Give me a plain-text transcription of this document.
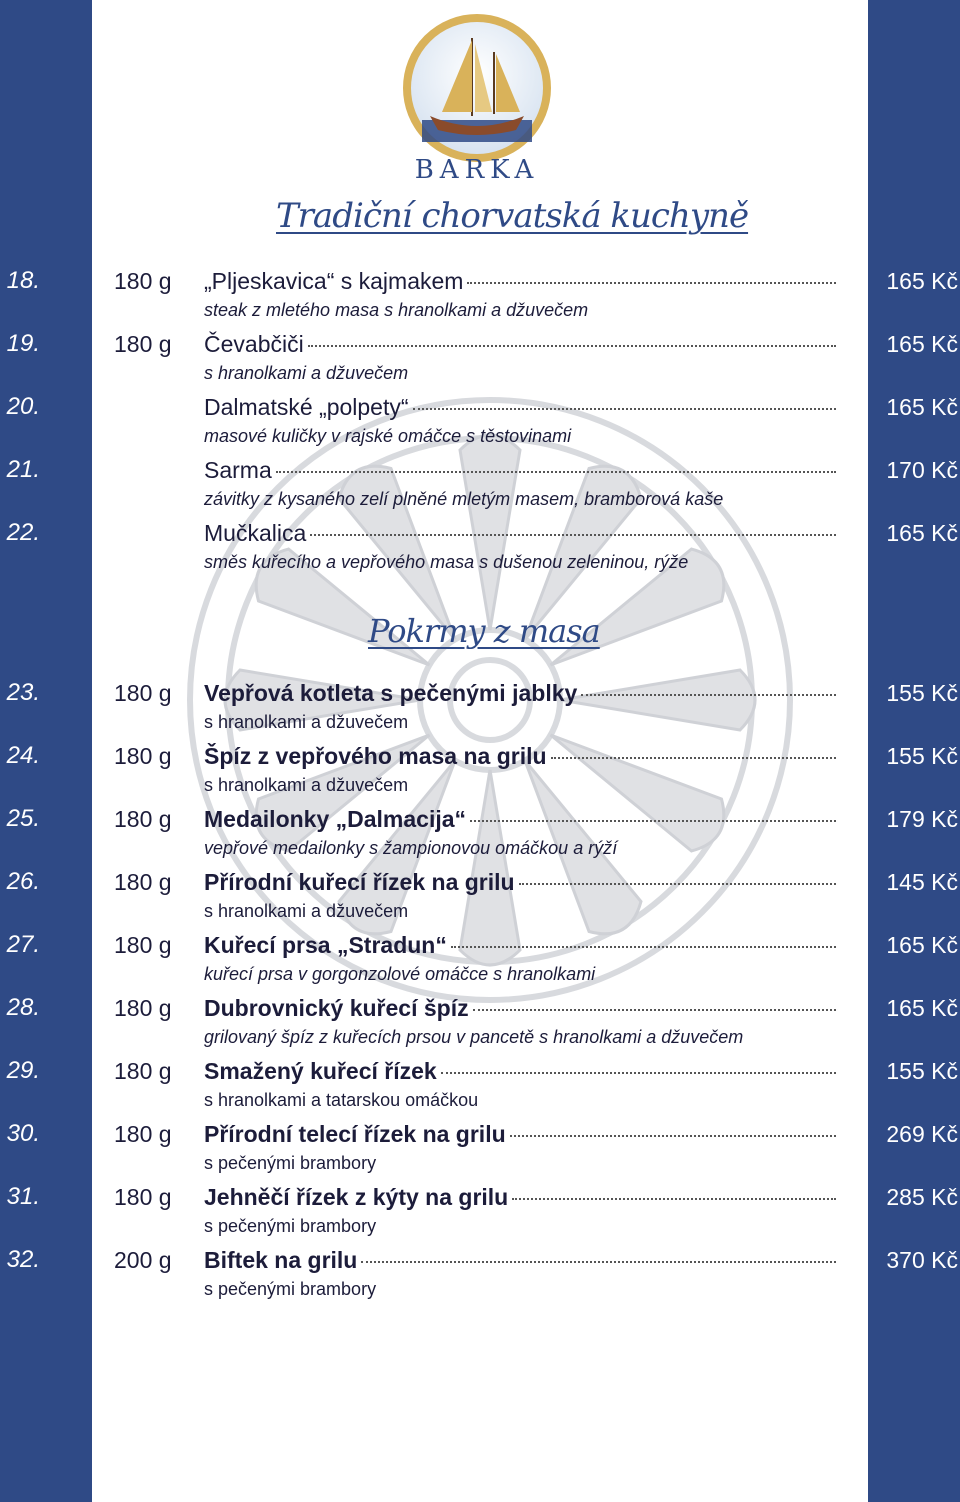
BARKA
Tradiční chorvatská kuchyně
Pokrmy z masa
18.	180 g „Pljeskavica“ s kajmakem	165 Kč
steak z mletého masa s hranolkami a džuvečem
19.	180 g Čevabčiči	165 Kč
s hranolkami a džuvečem
20.	Dalmatské „polpety“	165 Kč
masové kuličky v rajské omáčce s těstovinami
21.	Sarma	170 Kč
závitky z kysaného zelí plněné mletým masem, bramborová kaše
22.	Mučkalica	165 Kč
směs kuřecího a vepřového masa s dušenou zeleninou, rýže
23.	180 g Vepřová kotleta s pečenými jablky	155 Kč
s hranolkami a džuvečem
24.	180 g Špíz z vepřového masa na grilu	155 Kč
s hranolkami a džuvečem
25.	180 g Medailonky „Dalmacija“	179 Kč
vepřové medailonky s žampionovou omáčkou a rýží
26.	180 g Přírodní kuřecí řízek na grilu	145 Kč
s hranolkami a džuvečem
27.	180 g Kuřecí prsa „Stradun“	165 Kč
kuřecí prsa v gorgonzolové omáčce s hranolkami
28.	180 g Dubrovnický kuřecí špíz	165 Kč
grilovaný špíz z kuřecích prsou v pancetě s hranolkami a džuvečem
29.	180 g Smažený kuřecí řízek	155 Kč
s hranolkami a tatarskou omáčkou
30.	180 g Přírodní telecí řízek na grilu	269 Kč
s pečenými brambory
31.	180 g Jehněčí řízek z kýty na grilu	285 Kč
s pečenými brambory
32.	200 g Biftek na grilu	370 Kč
s pečenými brambory
